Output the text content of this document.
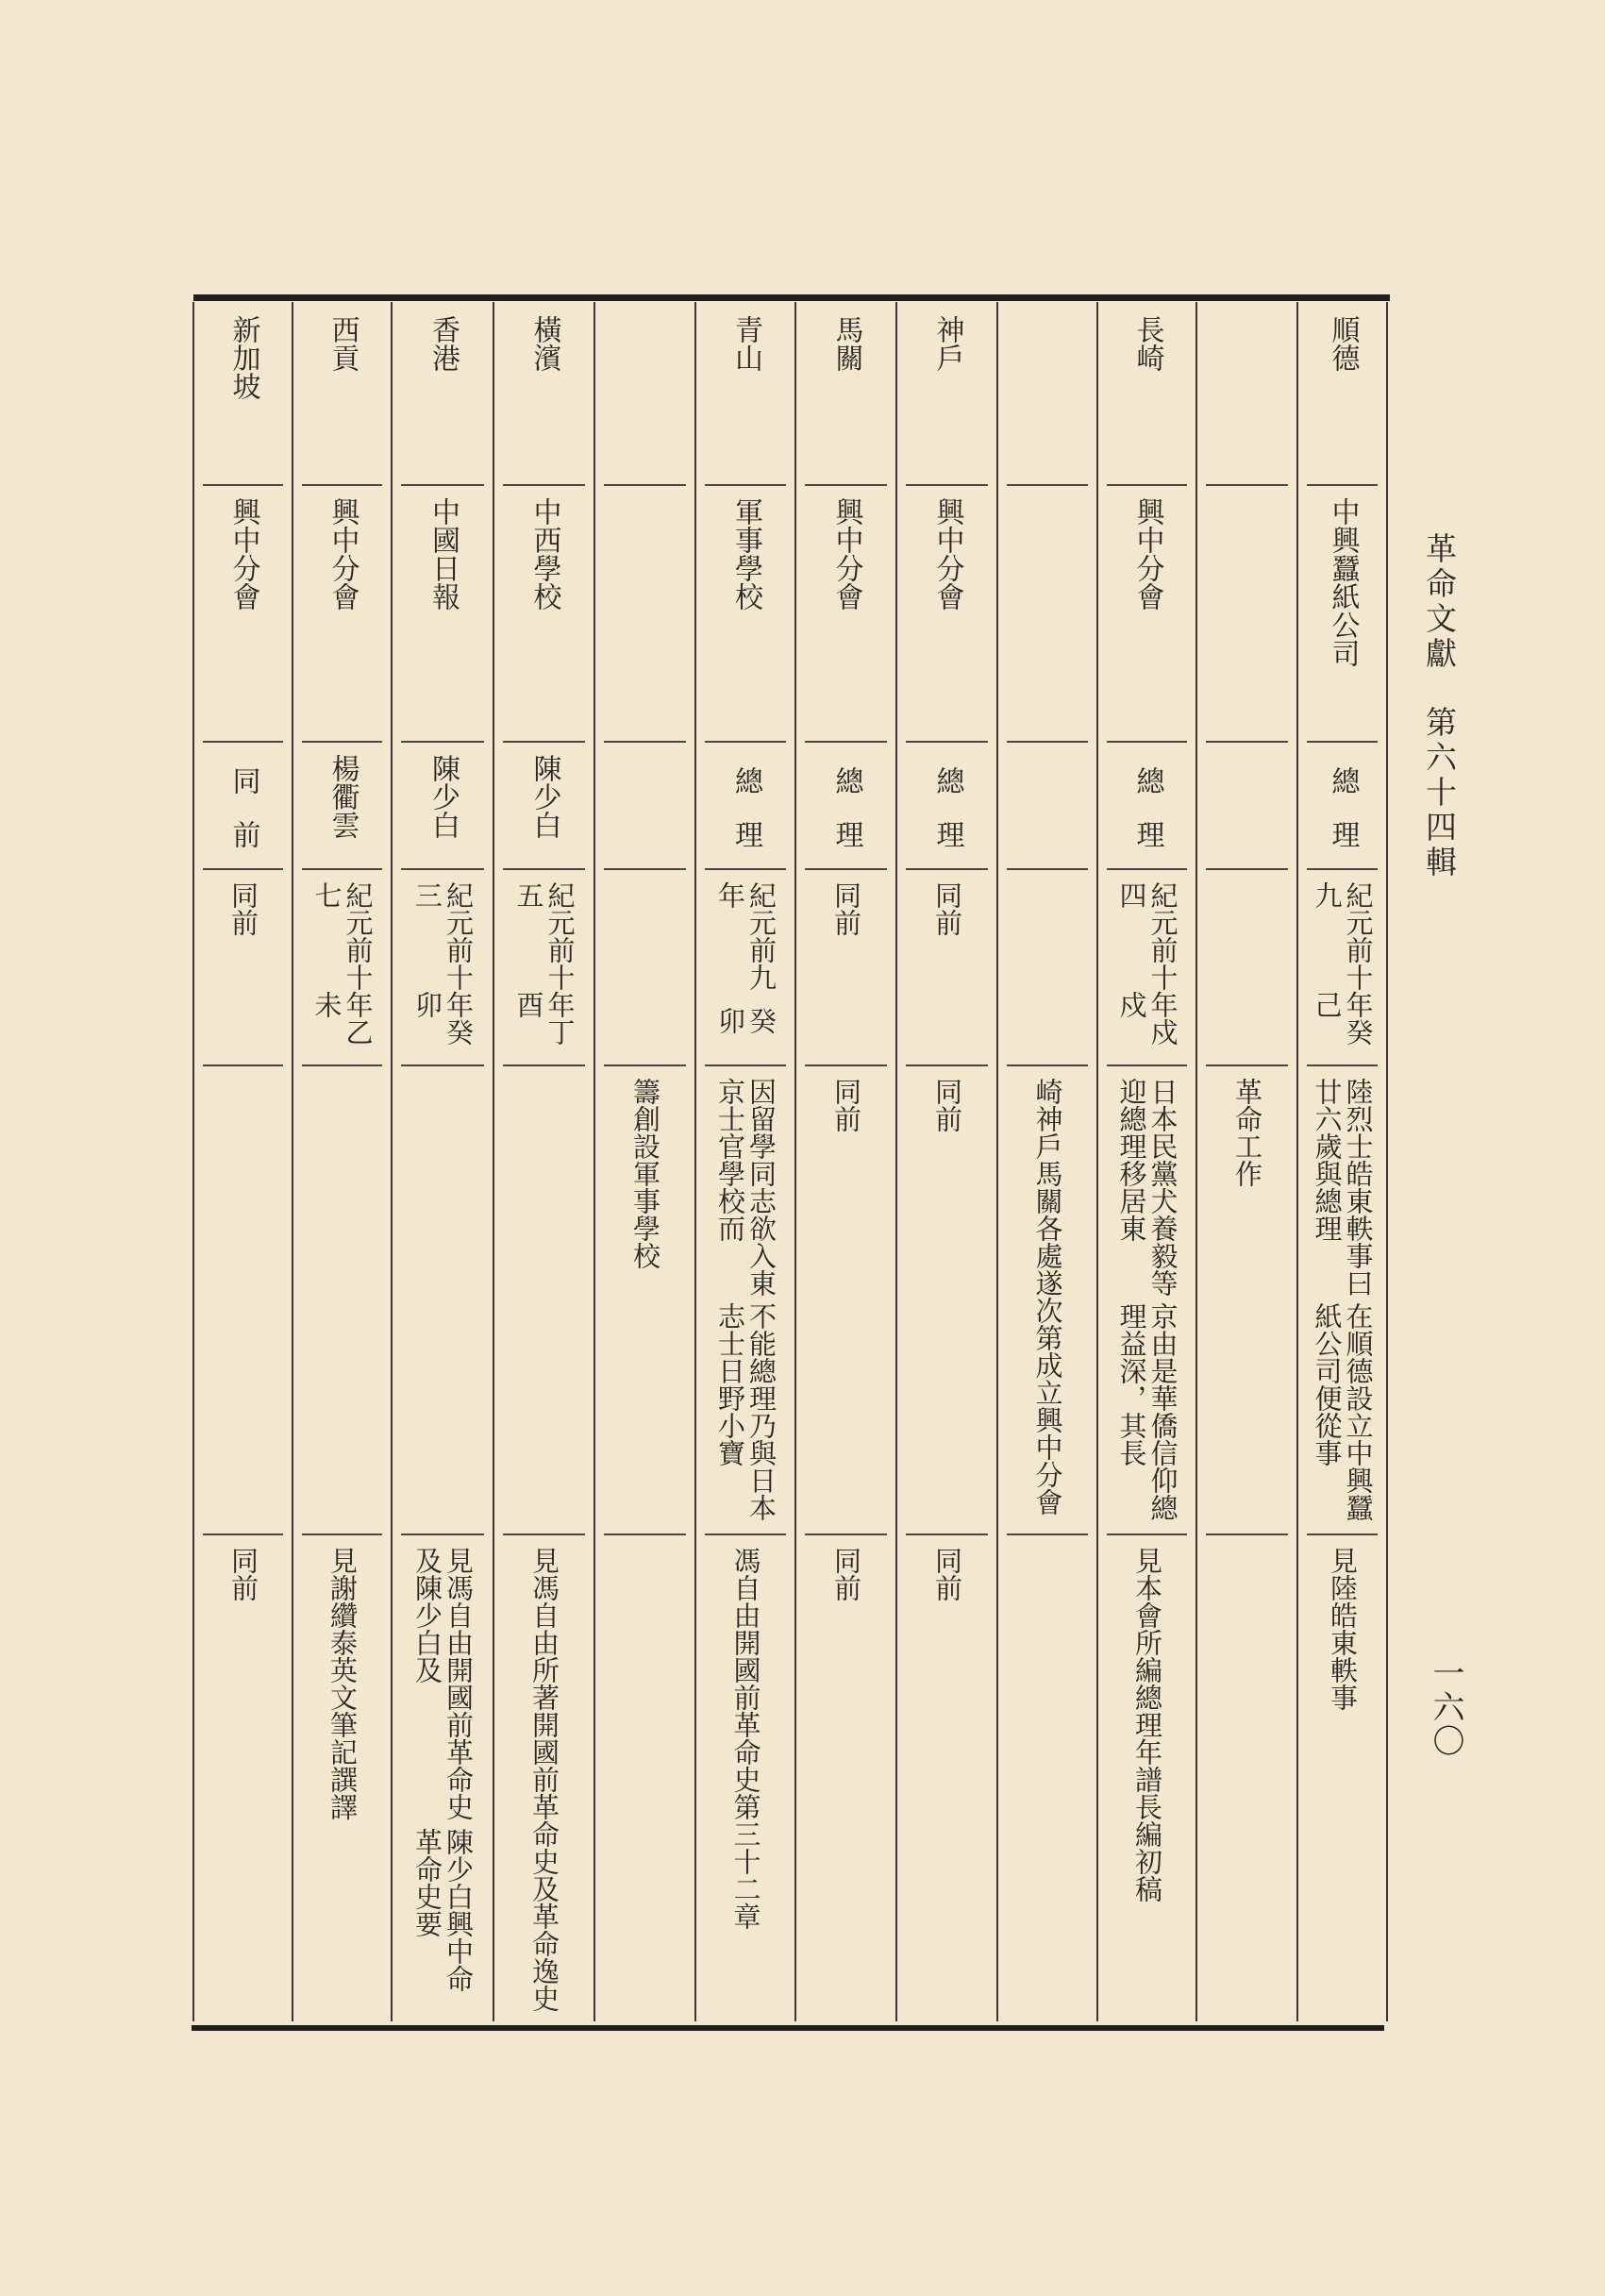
革命文獻第六十四輯

一六〇
順
德
中
興
蠶
紙
公
司
總
理
紀元前十九
年癸己
陸烈士皓東軼事曰廿六歲與總理
在順德設立中興蠶紙公司便從事
見陸皓東軼事
革命工作
長
崎
興
中
分
會
總
理
紀元前十四
年戍戍
日本民黨犬養毅等迎總理移居東
京由是華僑信仰總理益深，其長
見本會所編總理年譜長編初稿
崎神戶馬關各處遂次第成立興中
分會
神
戶
興
中
分
會
總
理
同前
同前
同前
馬
關
興
中
分
會
總
理
同前
同前
同前
青
山
軍
事
學
校
總
理
紀元前九年
癸卯
因留學同志欲入東京士官學校而
不能總理乃與日本志士日野小寶
馮自由開國前革命史第三十二章
籌創設軍事學校
橫
濱
中
西
學
校
陳
少
白
紀元前十五
年丁酉
見馮自由所著開國前革命史及革命
逸史
香
港
中
國
日
報
陳
少
白
紀元前十三
年癸卯
見馮自由開國前革命史及陳少白及
陳少白興中命革命史要
西
貢
興
中
分
會
楊
衢
雲
紀元前十七
年乙未
見謝纘泰英文筆記譔譯
新
加
坡
興
中
分
會
同
前
同前
同前
